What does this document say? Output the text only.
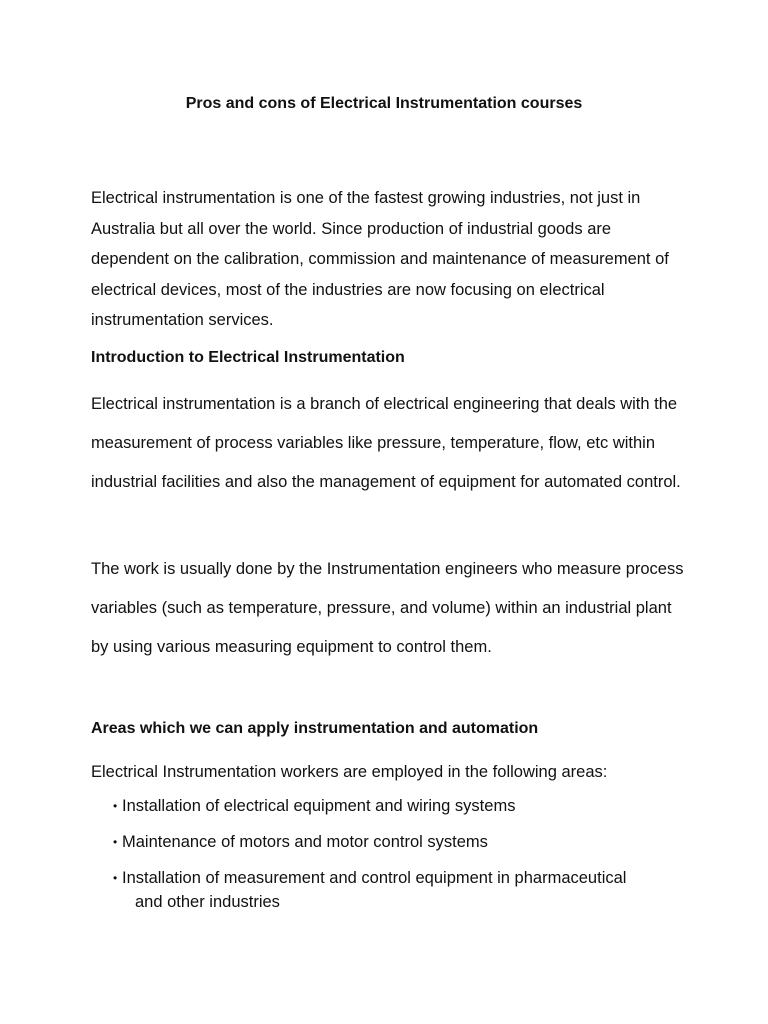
Pros and cons of Electrical Instrumentation courses

Electrical instrumentation is one of the fastest growing industries, not just in Australia but all over the world. Since production of industrial goods are dependent on the calibration, commission and maintenance of measurement of electrical devices, most of the industries are now focusing on electrical instrumentation services.

Introduction to Electrical Instrumentation

Electrical instrumentation is a branch of electrical engineering that deals with the measurement of process variables like pressure, temperature, flow, etc within industrial facilities and also the management of equipment for automated control.

The work is usually done by the Instrumentation engineers who measure process variables (such as temperature, pressure, and volume) within an industrial plant by using various measuring equipment to control them.

Areas which we can apply instrumentation and automation

Electrical Instrumentation workers are employed in the following areas:

• Installation of electrical equipment and wiring systems
• Maintenance of motors and motor control systems
• Installation of measurement and control equipment in pharmaceutical
and other industries
